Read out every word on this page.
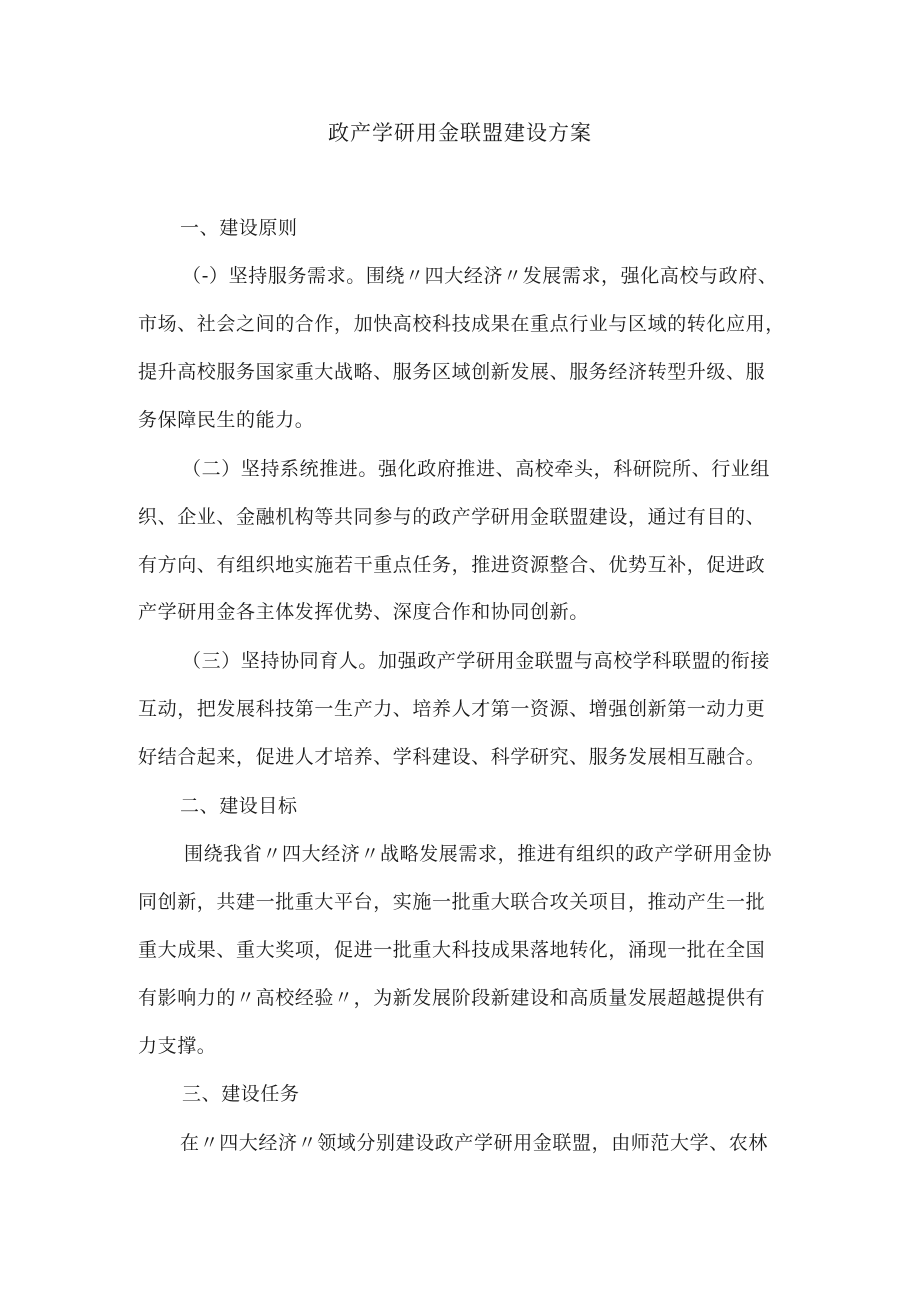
政产学研用金联盟建设方案

一、建设原则

（-）坚持服务需求。围绕〃四大经济〃发展需求，强化高校与政府、

市场、社会之间的合作，加快高校科技成果在重点行业与区域的转化应用，

提升高校服务国家重大战略、服务区域创新发展、服务经济转型升级、服

务保障民生的能力。

（二）坚持系统推进。强化政府推进、高校牵头，科研院所、行业组

织、企业、金融机构等共同参与的政产学研用金联盟建设，通过有目的、

有方向、有组织地实施若干重点任务，推进资源整合、优势互补，促进政

产学研用金各主体发挥优势、深度合作和协同创新。

（三）坚持协同育人。加强政产学研用金联盟与高校学科联盟的衔接

互动，把发展科技第一生产力、培养人才第一资源、增强创新第一动力更

好结合起来，促进人才培养、学科建设、科学研究、服务发展相互融合。

二、建设目标

围绕我省〃四大经济〃战略发展需求，推进有组织的政产学研用金协

同创新，共建一批重大平台，实施一批重大联合攻关项目，推动产生一批

重大成果、重大奖项，促进一批重大科技成果落地转化，涌现一批在全国

有影响力的〃高校经验〃，为新发展阶段新建设和高质量发展超越提供有

力支撑。

三、建设任务

在〃四大经济〃领域分别建设政产学研用金联盟，由师范大学、农林
